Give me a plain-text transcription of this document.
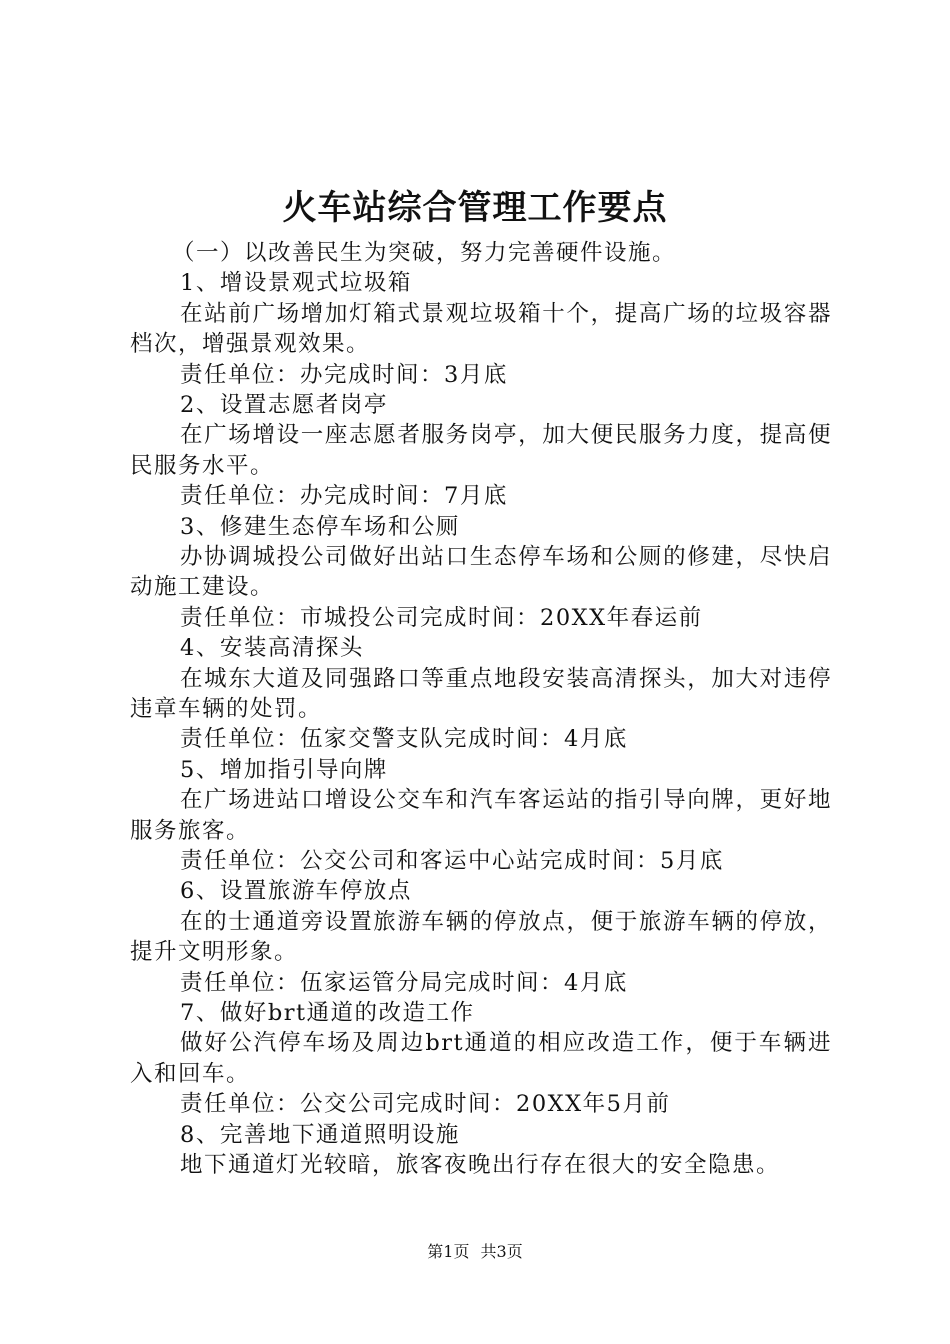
火车站综合管理工作要点
（一）以改善民生为突破，努力完善硬件设施。
1、增设景观式垃圾箱
在站前广场增加灯箱式景观垃圾箱十个，提高广场的垃圾容器档次，增强景观效果。
责任单位：办完成时间：3月底
2、设置志愿者岗亭
在广场增设一座志愿者服务岗亭，加大便民服务力度，提高便民服务水平。
责任单位：办完成时间：7月底
3、修建生态停车场和公厕
办协调城投公司做好出站口生态停车场和公厕的修建，尽快启动施工建设。
责任单位：市城投公司完成时间：20XX年春运前
4、安装高清探头
在城东大道及同强路口等重点地段安装高清探头，加大对违停违章车辆的处罚。
责任单位：伍家交警支队完成时间：4月底
5、增加指引导向牌
在广场进站口增设公交车和汽车客运站的指引导向牌，更好地服务旅客。
责任单位：公交公司和客运中心站完成时间：5月底
6、设置旅游车停放点
在的士通道旁设置旅游车辆的停放点，便于旅游车辆的停放，提升文明形象。
责任单位：伍家运管分局完成时间：4月底
7、做好brt通道的改造工作
做好公汽停车场及周边brt通道的相应改造工作，便于车辆进入和回车。
责任单位：公交公司完成时间：20XX年5月前
8、完善地下通道照明设施
地下通道灯光较暗，旅客夜晚出行存在很大的安全隐患。
第1页 共3页
